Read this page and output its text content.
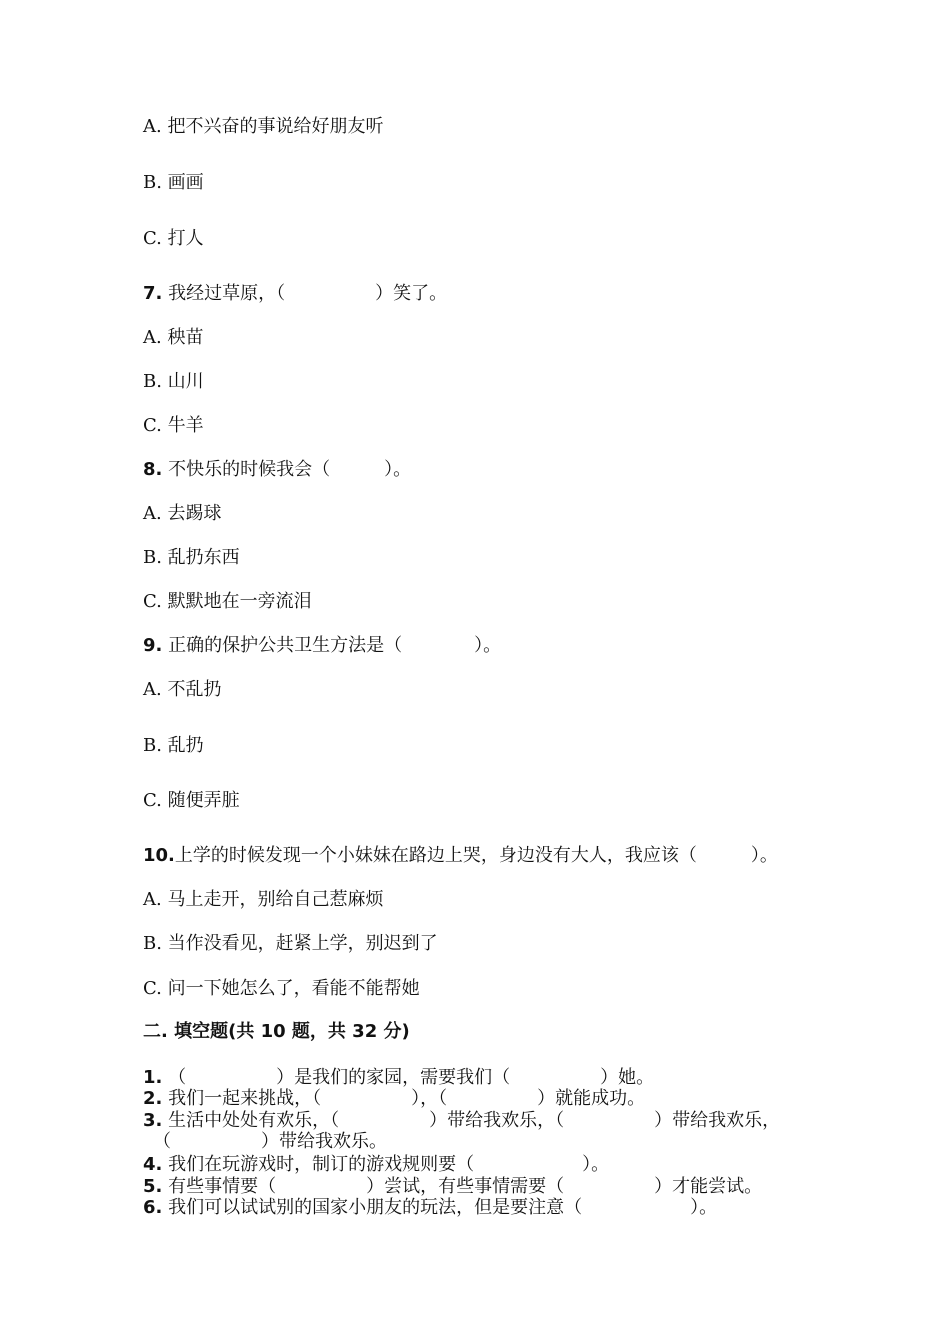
A. 把不兴奋的事说给好朋友听
B. 画画
C. 打人
7. 我经过草原，（　　　　　）笑了。
A. 秧苗
B. 山川
C. 牛羊
8. 不快乐的时候我会（　　　）。
A. 去踢球
B. 乱扔东西
C. 默默地在一旁流泪
9. 正确的保护公共卫生方法是（　　　　）。
A. 不乱扔
B. 乱扔
C. 随便弄脏
10.上学的时候发现一个小妹妹在路边上哭，身边没有大人，我应该（　　　）。
A. 马上走开，别给自己惹麻烦
B. 当作没看见，赶紧上学，别迟到了
C. 问一下她怎么了，看能不能帮她
二. 填空题(共 10 题，共 32 分)
1. （　　　　　）是我们的家园，需要我们（　　　　　）她。
2. 我们一起来挑战，（　　　　　），（　　　　　）就能成功。
3. 生活中处处有欢乐，（　　　　　）带给我欢乐，（　　　　　）带给我欢乐，
（　　　　　）带给我欢乐。
4. 我们在玩游戏时，制订的游戏规则要（　　　　　　）。
5. 有些事情要（　　　　　）尝试，有些事情需要（　　　　　）才能尝试。
6. 我们可以试试别的国家小朋友的玩法，但是要注意（　　　　　　）。
